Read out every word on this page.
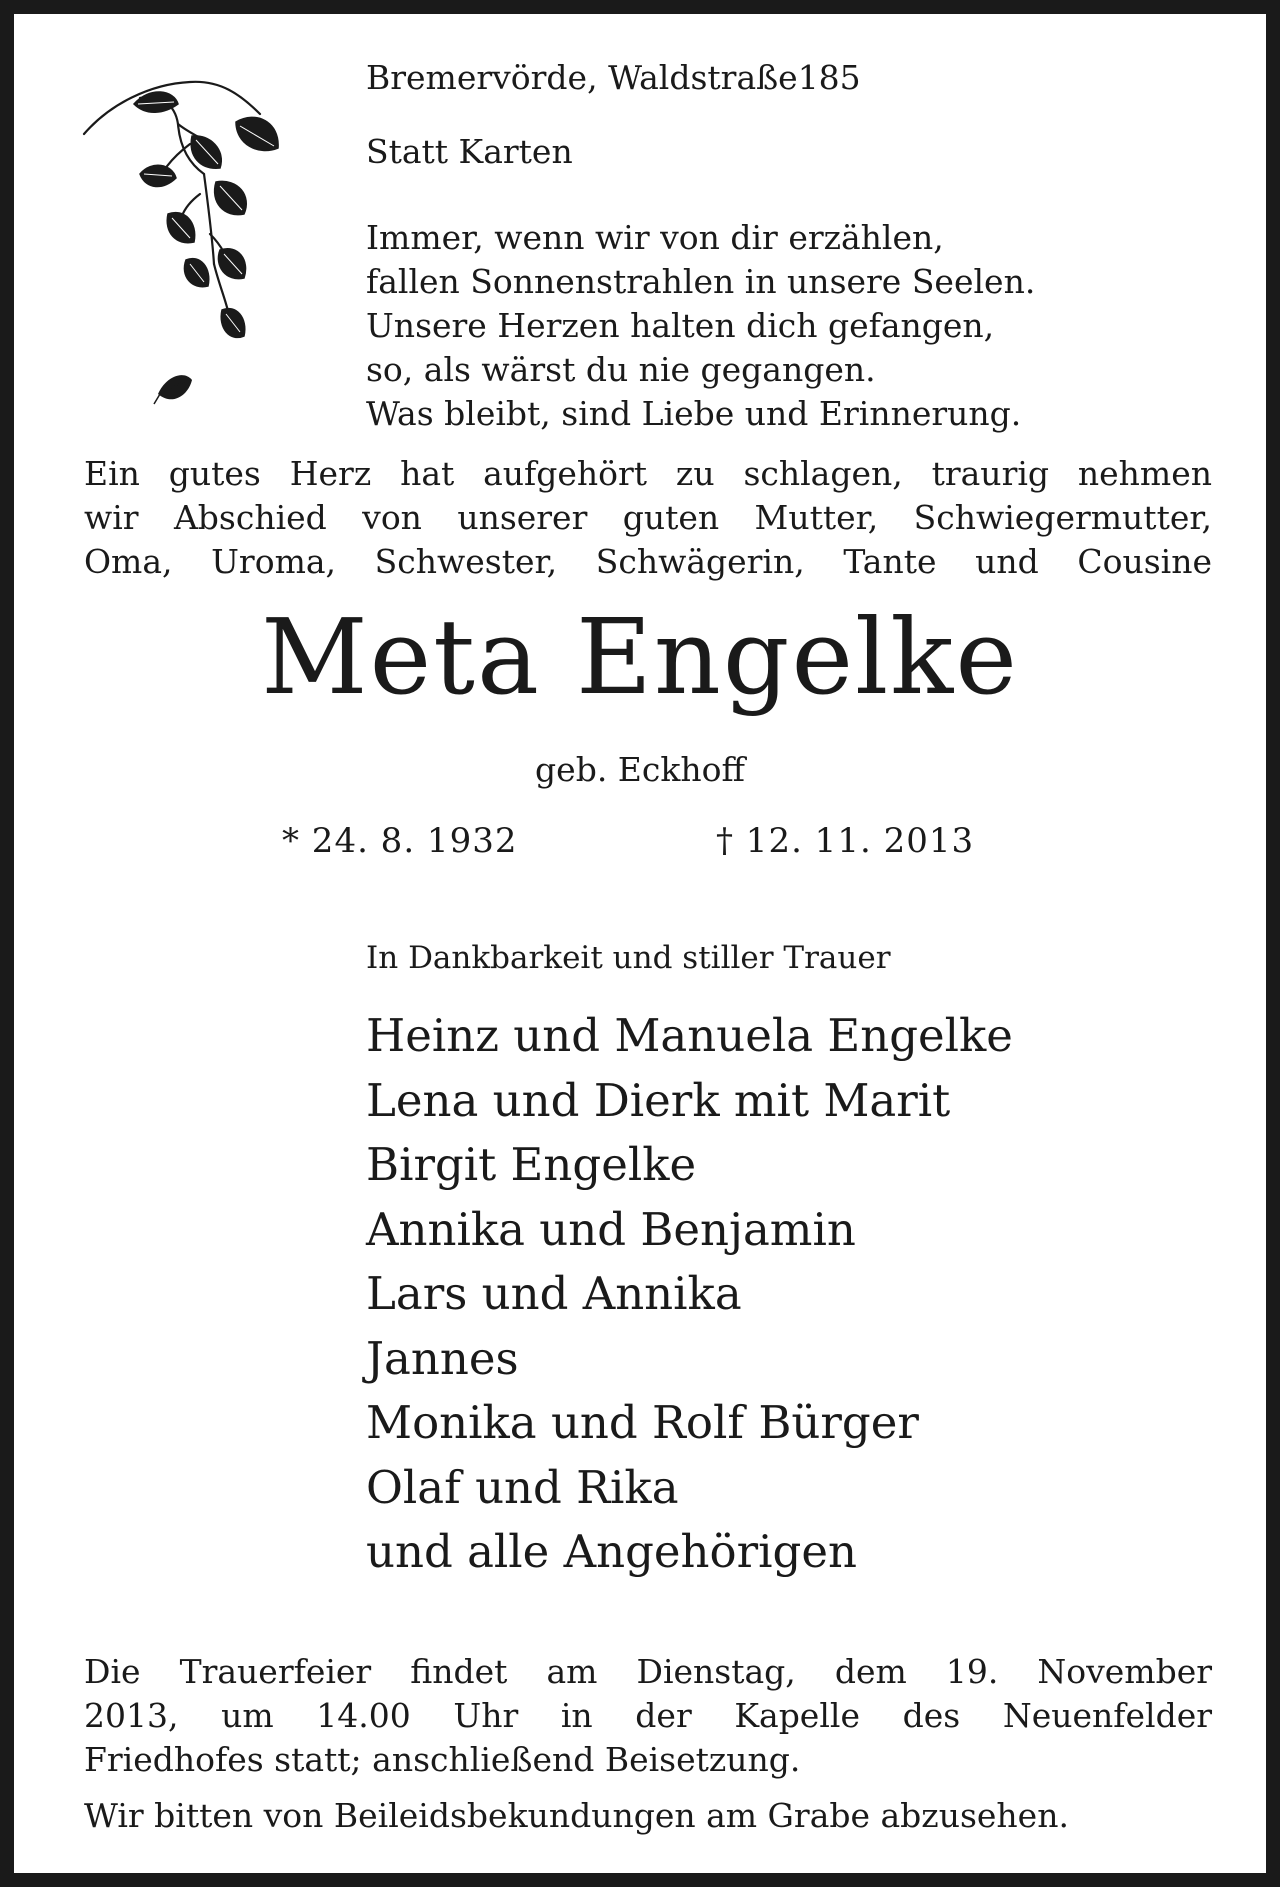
Bremervörde, Waldstraße185

Statt Karten

Immer, wenn wir von dir erzählen,
fallen Sonnenstrahlen in unsere Seelen.
Unsere Herzen halten dich gefangen,
so, als wärst du nie gegangen.
Was bleibt, sind Liebe und Erinnerung.
Ein gutes Herz hat aufgehört zu schlagen, traurig nehmen
wir Abschied von unserer guten Mutter, Schwiegermutter,
Oma, Uroma, Schwester, Schwägerin, Tante und Cousine

Meta Engelke

geb. Eckhoff

* 24. 8. 1932	† 12. 11. 2013

In Dankbarkeit und stiller Trauer

Heinz und Manuela Engelke
Lena und Dierk mit Marit
Birgit Engelke
Annika und Benjamin
Lars und Annika
Jannes
Monika und Rolf Bürger
Olaf und Rika
und alle Angehörigen
Die Trauerfeier findet am Dienstag, dem 19. November
2013, um 14.00 Uhr in der Kapelle des Neuenfelder
Friedhofes statt; anschließend Beisetzung.

Wir bitten von Beileidsbekundungen am Grabe abzusehen.
